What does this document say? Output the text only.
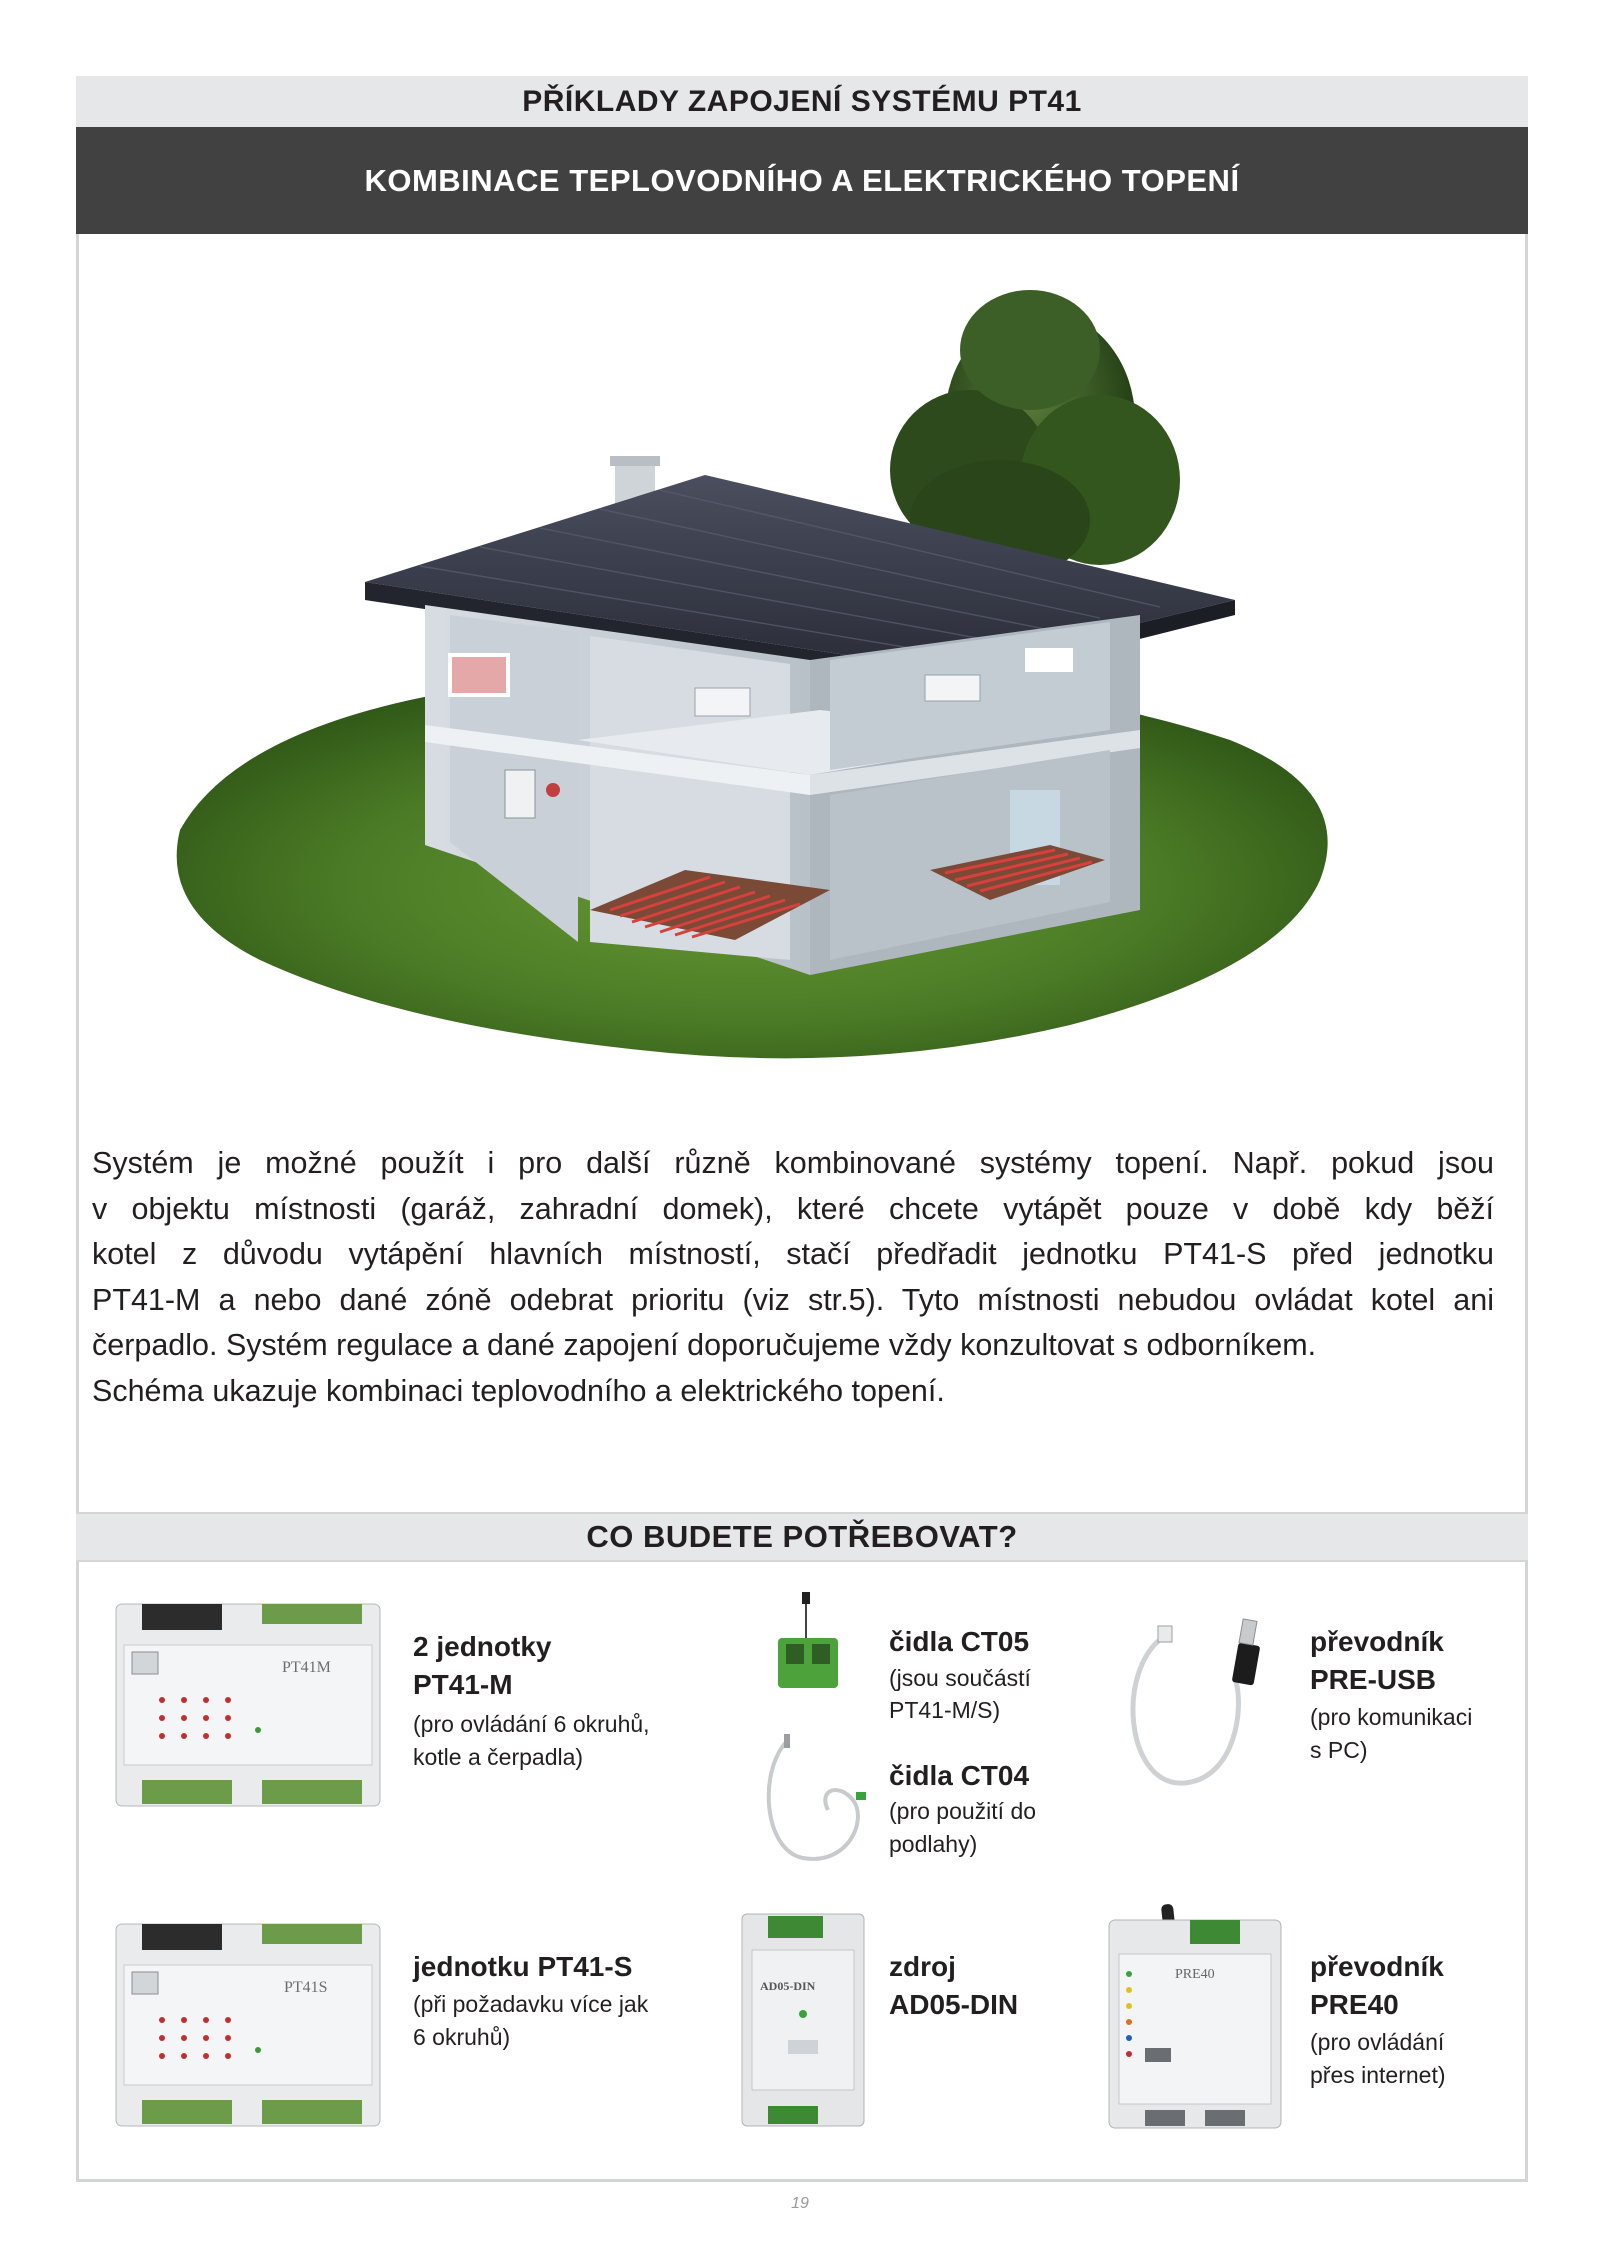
PŘÍKLADY ZAPOJENÍ SYSTÉMU PT41
KOMBINACE TEPLOVODNÍHO A ELEKTRICKÉHO TOPENÍ

Systém je možné použít i pro další různě kombinované systémy topení. Např. pokud jsou

v objektu místnosti (garáž, zahradní domek), které chcete vytápět pouze v době kdy běží

kotel z důvodu vytápění hlavních místností, stačí předřadit jednotku PT41-S před jednotku

PT41-M a nebo dané zóně odebrat prioritu (viz str.5). Tyto místnosti nebudou ovládat kotel ani

čerpadlo. Systém regulace a dané zapojení doporučujeme vždy konzultovat s odborníkem.

Schéma ukazuje kombinaci teplovodního a elektrického topení.

CO BUDETE POTŘEBOVAT?
PT41M
2 jednotky
PT41-M
(pro ovládání 6 okruhů,
kotle a čerpadla)
čidla CT05
(jsou součástí
PT41-M/S)
čidla CT04
(pro použití do
podlahy)
převodník
PRE-USB
(pro komunikaci
s PC)
PT41S
jednotku PT41-S
(při požadavku více jak
6 okruhů)
AD05-DIN
zdroj
AD05-DIN
PRE40	převodník
PRE40
(pro ovládání
přes internet)
19
